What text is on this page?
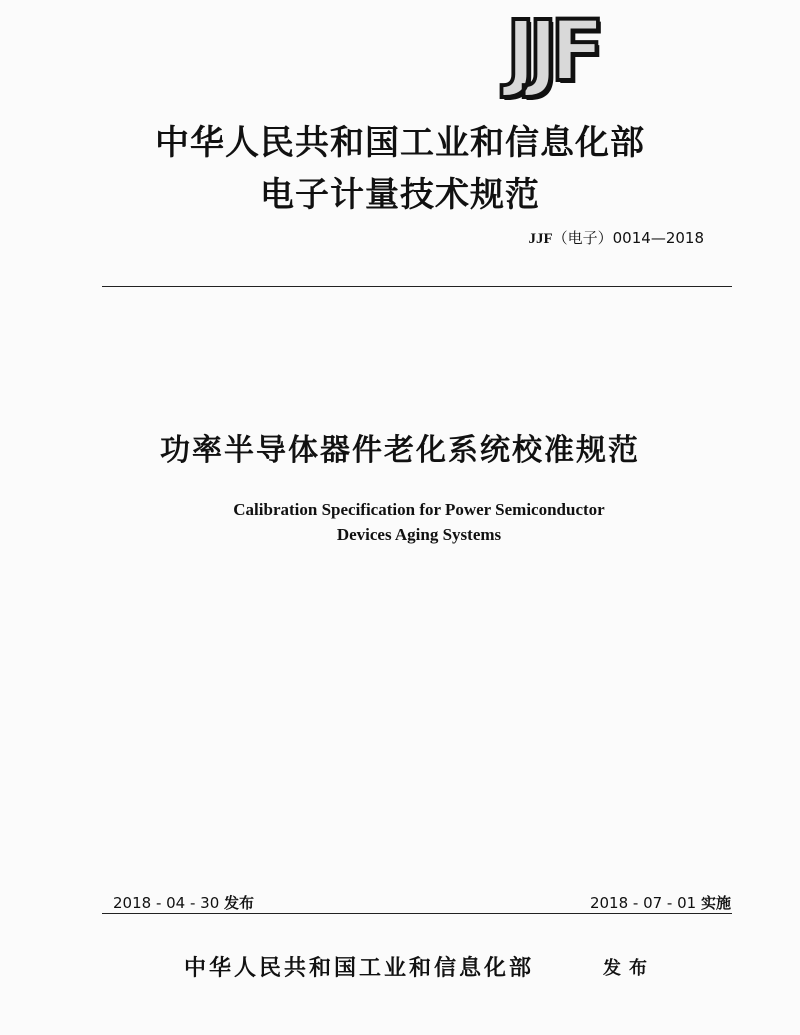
JJF
中华人民共和国工业和信息化部
电子计量技术规范
JJF（电子）0014—2018
功率半导体器件老化系统校准规范
Calibration Specification for Power Semiconductor
Devices Aging Systems
2018 - 04 - 30 发布	2018 - 07 - 01 实施
中华人民共和国工业和信息化部	发布
